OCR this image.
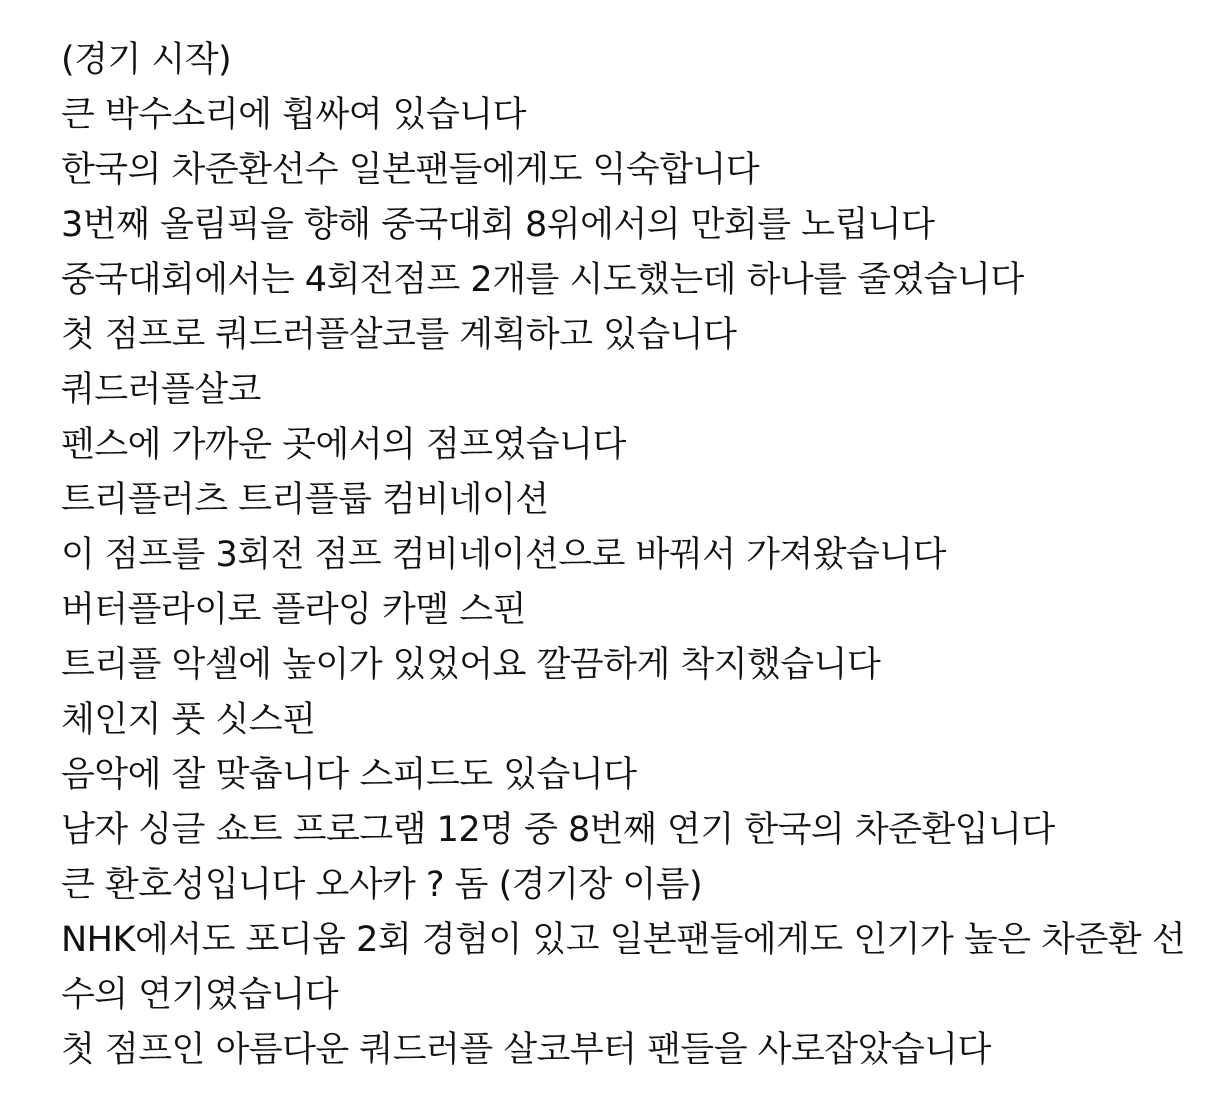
(경기 시작)
큰 박수소리에 휩싸여 있습니다
한국의 차준환선수 일본팬들에게도 익숙합니다
3번째 올림픽을 향해 중국대회 8위에서의 만회를 노립니다
중국대회에서는 4회전점프 2개를 시도했는데 하나를 줄였습니다
첫 점프로 쿼드러플살코를 계획하고 있습니다
쿼드러플살코
펜스에 가까운 곳에서의 점프였습니다
트리플러츠 트리플룹 컴비네이션
이 점프를 3회전 점프 컴비네이션으로 바꿔서 가져왔습니다
버터플라이로 플라잉 카멜 스핀
트리플 악셀에 높이가 있었어요 깔끔하게 착지했습니다
체인지 풋 싯스핀
음악에 잘 맞춥니다 스피드도 있습니다
남자 싱글 쇼트 프로그램 12명 중 8번째 연기 한국의 차준환입니다
큰 환호성입니다 오사카 ? 돔 (경기장 이름)
NHK에서도 포디움 2회 경험이 있고 일본팬들에게도 인기가 높은 차준환 선
수의 연기였습니다
첫 점프인 아름다운 쿼드러플 살코부터 팬들을 사로잡았습니다
